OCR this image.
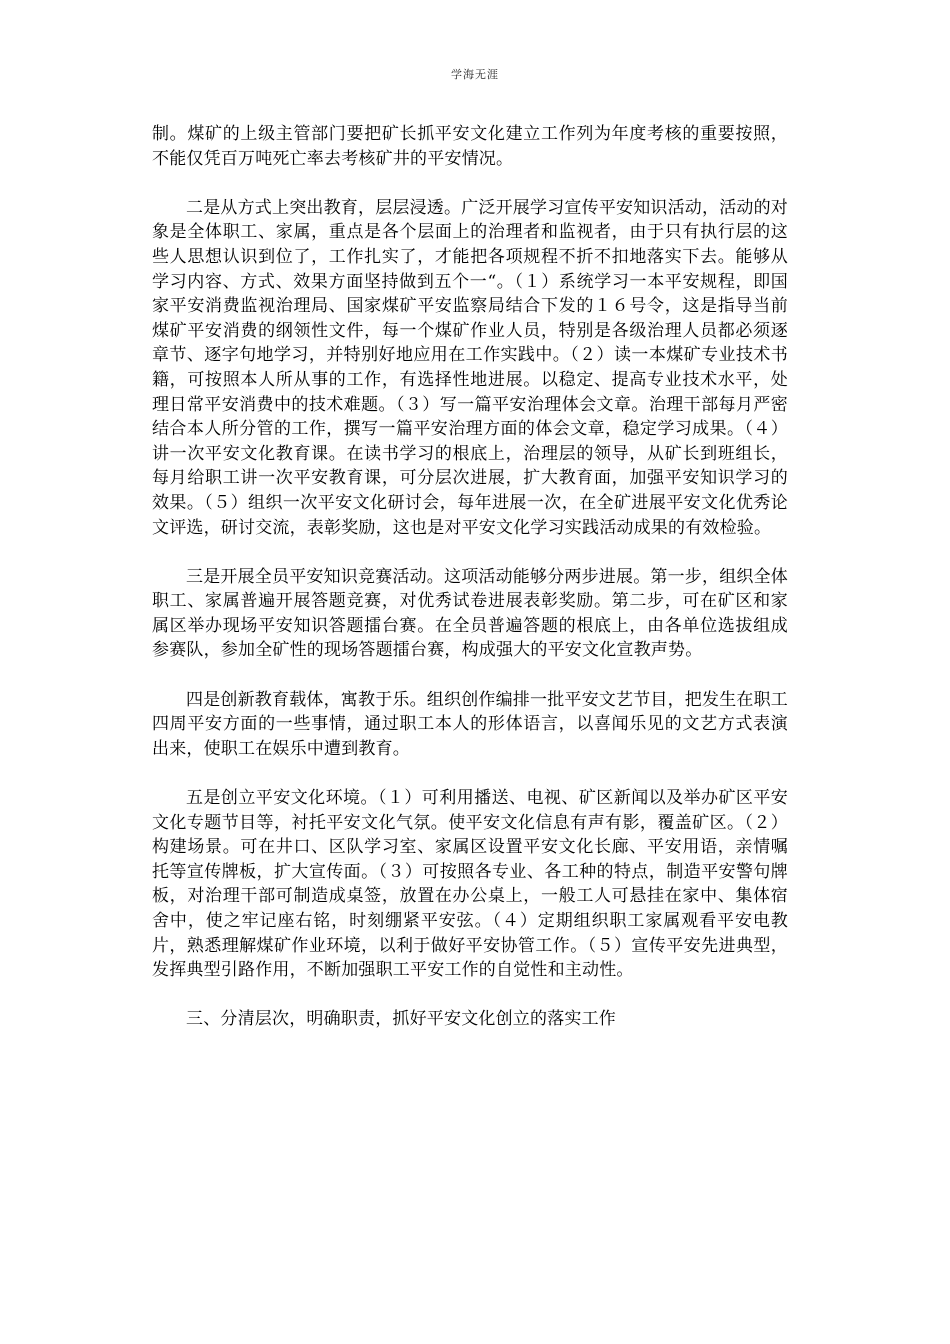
学海无涯

制。煤矿的上级主管部门要把矿长抓平安文化建立工作列为年度考核的重要按照，不能仅凭百万吨死亡率去考核矿井的平安情况。

二是从方式上突出教育，层层浸透。广泛开展学习宣传平安知识活动，活动的对象是全体职工、家属，重点是各个层面上的治理者和监视者，由于只有执行层的这些人思想认识到位了，工作扎实了，才能把各项规程不折不扣地落实下去。能够从学习内容、方式、效果方面坚持做到五个一“。（１）系统学习一本平安规程，即国家平安消费监视治理局、国家煤矿平安监察局结合下发的１６号令，这是指导当前煤矿平安消费的纲领性文件，每一个煤矿作业人员，特别是各级治理人员都必须逐章节、逐字句地学习，并特别好地应用在工作实践中。（２）读一本煤矿专业技术书籍，可按照本人所从事的工作，有选择性地进展。以稳定、提高专业技术水平，处理日常平安消费中的技术难题。（３）写一篇平安治理体会文章。治理干部每月严密结合本人所分管的工作，撰写一篇平安治理方面的体会文章，稳定学习成果。（４）讲一次平安文化教育课。在读书学习的根底上，治理层的领导，从矿长到班组长，每月给职工讲一次平安教育课，可分层次进展，扩大教育面，加强平安知识学习的效果。（５）组织一次平安文化研讨会，每年进展一次，在全矿进展平安文化优秀论文评选，研讨交流，表彰奖励，这也是对平安文化学习实践活动成果的有效检验。

三是开展全员平安知识竞赛活动。这项活动能够分两步进展。第一步，组织全体职工、家属普遍开展答题竞赛，对优秀试卷进展表彰奖励。第二步，可在矿区和家属区举办现场平安知识答题擂台赛。在全员普遍答题的根底上，由各单位选拔组成参赛队，参加全矿性的现场答题擂台赛，构成强大的平安文化宣教声势。

四是创新教育载体，寓教于乐。组织创作编排一批平安文艺节目，把发生在职工四周平安方面的一些事情，通过职工本人的形体语言，以喜闻乐见的文艺方式表演出来，使职工在娱乐中遭到教育。

五是创立平安文化环境。（１）可利用播送、电视、矿区新闻以及举办矿区平安文化专题节目等，衬托平安文化气氛。使平安文化信息有声有影，覆盖矿区。（２）构建场景。可在井口、区队学习室、家属区设置平安文化长廊、平安用语，亲情嘱托等宣传牌板，扩大宣传面。（３）可按照各专业、各工种的特点，制造平安警句牌板，对治理干部可制造成桌签，放置在办公桌上，一般工人可悬挂在家中、集体宿舍中，使之牢记座右铭，时刻绷紧平安弦。（４）定期组织职工家属观看平安电教片，熟悉理解煤矿作业环境，以利于做好平安协管工作。（５）宣传平安先进典型，发挥典型引路作用，不断加强职工平安工作的自觉性和主动性。

三、分清层次，明确职责，抓好平安文化创立的落实工作
